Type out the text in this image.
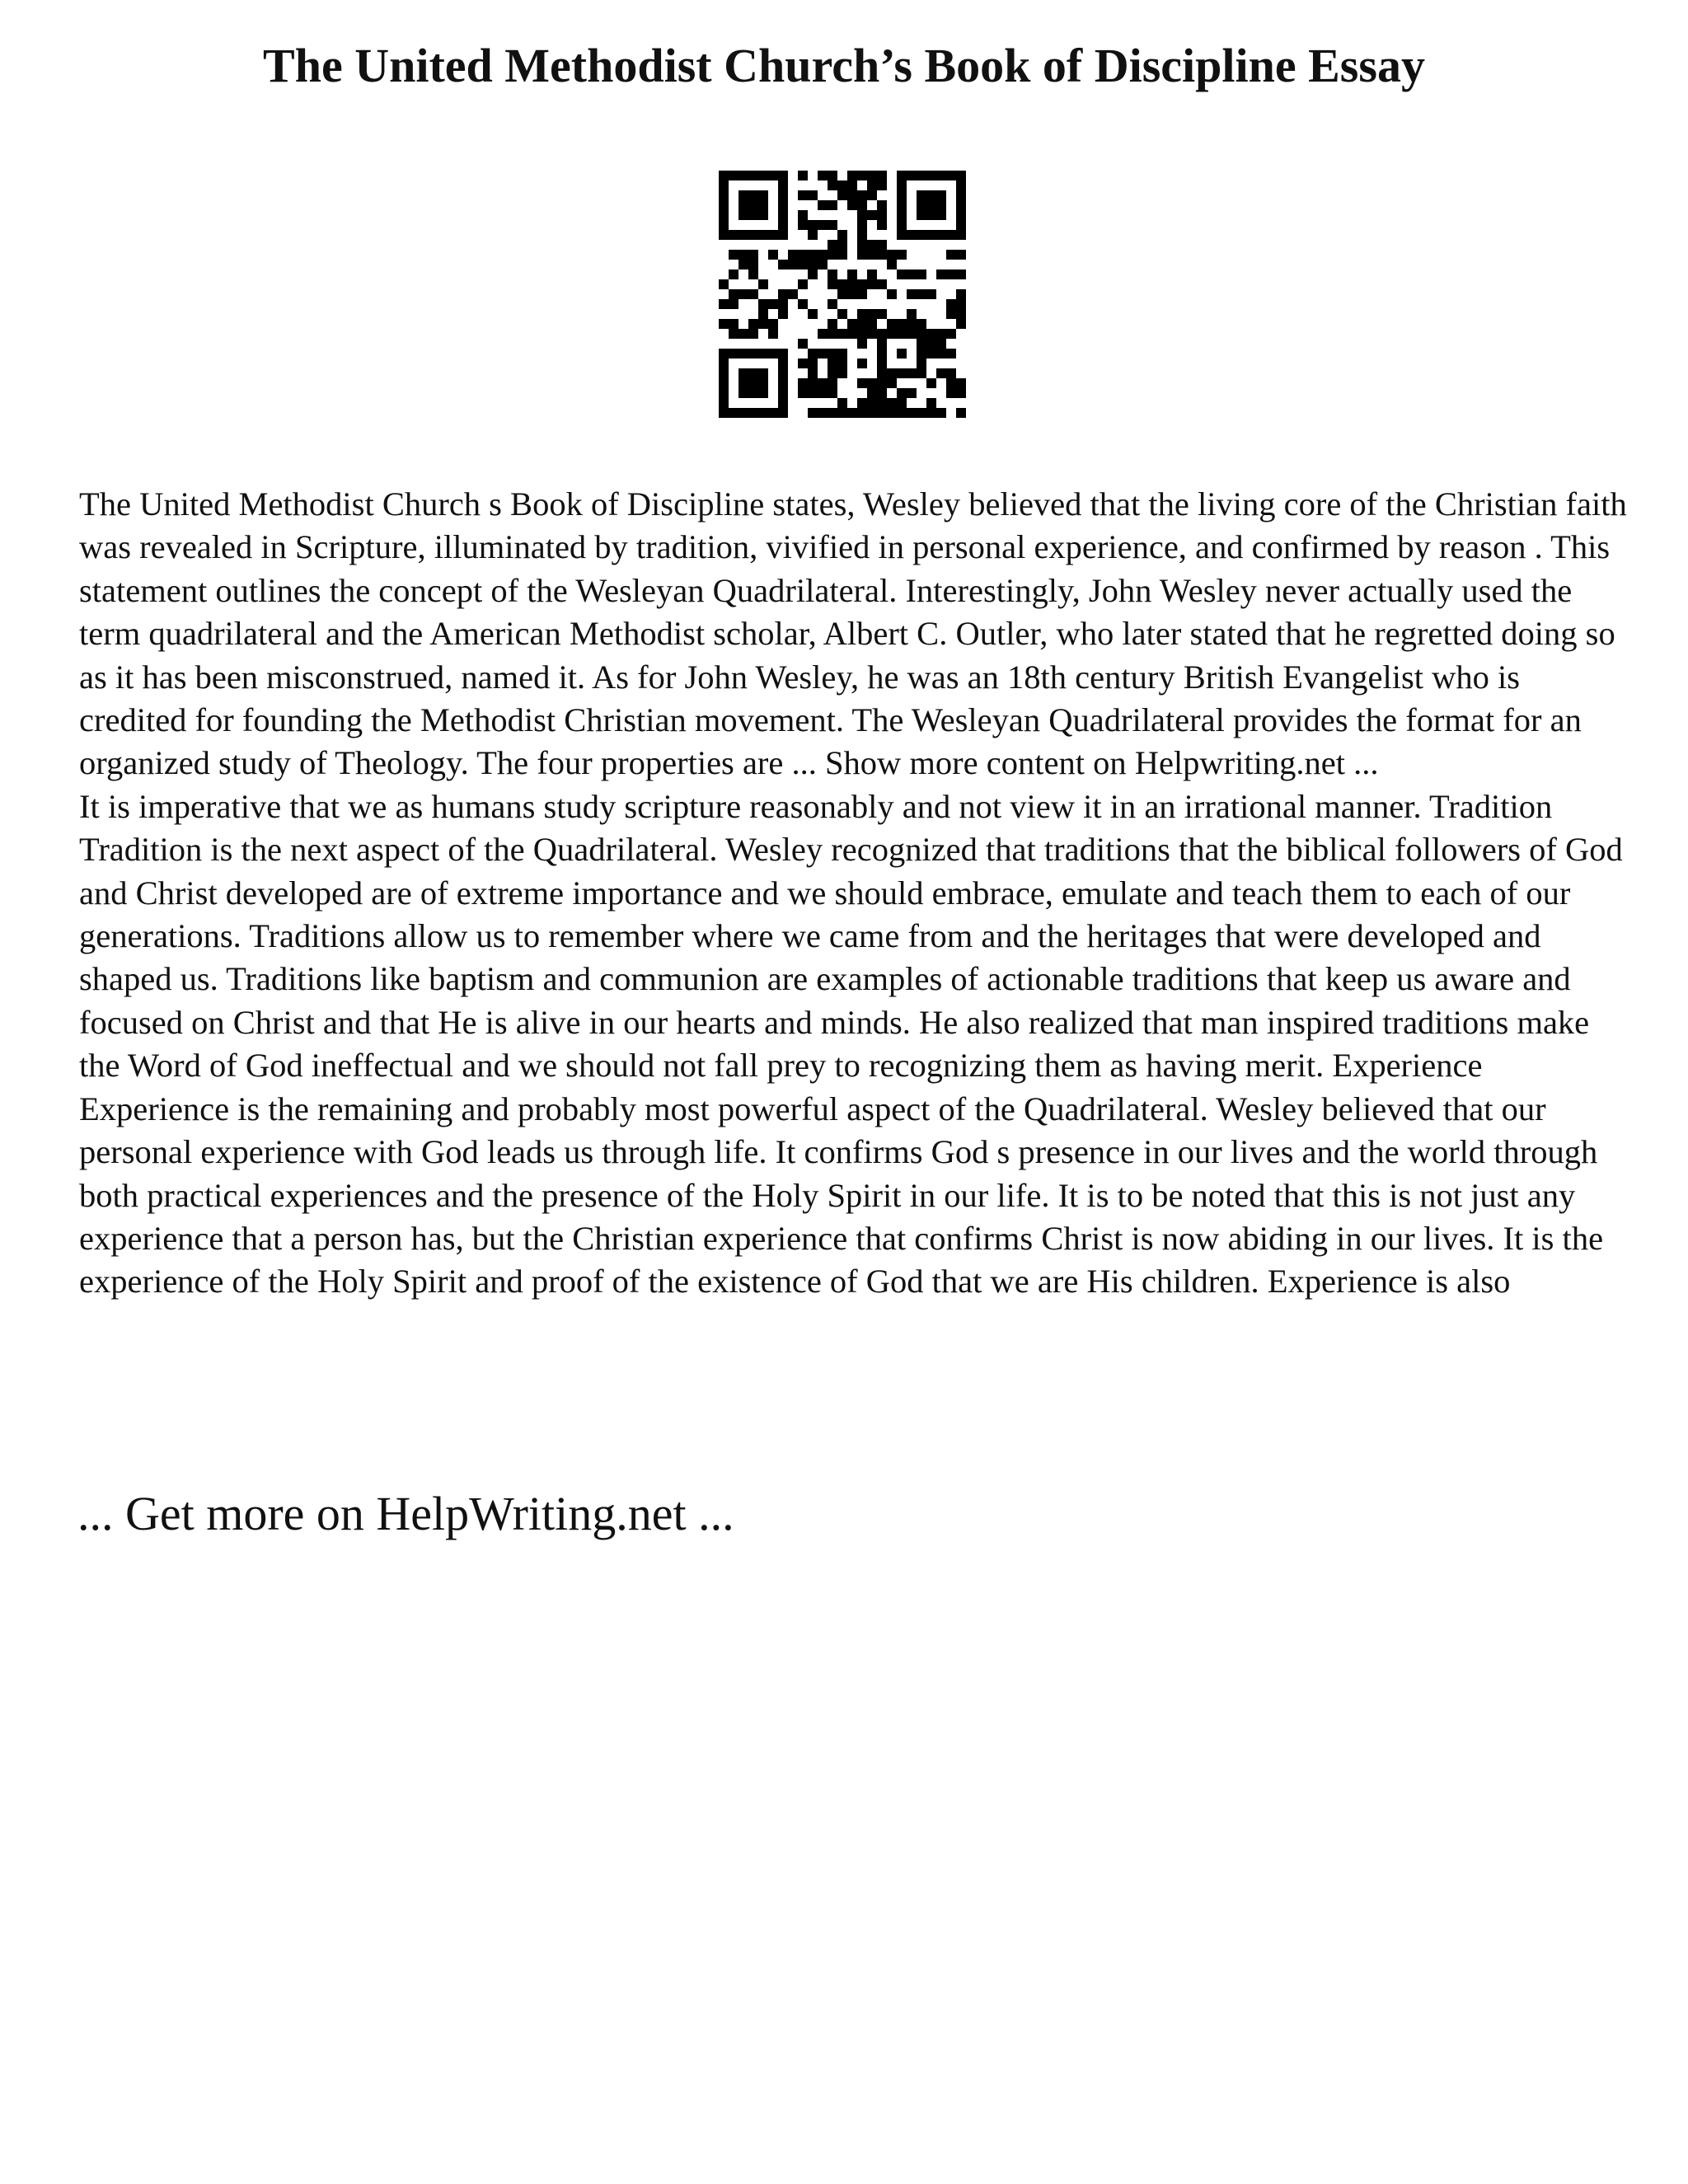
The United Methodist Church’s Book of Discipline Essay

The United Methodist Church s Book of Discipline states, Wesley believed that the living core of the Christian faith was revealed in Scripture, illuminated by tradition, vivified in personal experience, and confirmed by reason . This statement outlines the concept of the Wesleyan Quadrilateral. Interestingly, John Wesley never actually used the term quadrilateral and the American Methodist scholar, Albert C. Outler, who later stated that he regretted doing so as it has been misconstrued, named it. As for John Wesley, he was an 18th century British Evangelist who is credited for founding the Methodist Christian movement. The Wesleyan Quadrilateral provides the format for an organized study of Theology. The four properties are ... Show more content on Helpwriting.net ...

It is imperative that we as humans study scripture reasonably and not view it in an irrational manner. Tradition Tradition is the next aspect of the Quadrilateral. Wesley recognized that traditions that the biblical followers of God and Christ developed are of extreme importance and we should embrace, emulate and teach them to each of our generations. Traditions allow us to remember where we came from and the heritages that were developed and shaped us. Traditions like baptism and communion are examples of actionable traditions that keep us aware and focused on Christ and that He is alive in our hearts and minds. He also realized that man inspired traditions make the Word of God ineffectual and we should not fall prey to recognizing them as having merit. Experience Experience is the remaining and probably most powerful aspect of the Quadrilateral. Wesley believed that our personal experience with God leads us through life. It confirms God s presence in our lives and the world through both practical experiences and the presence of the Holy Spirit in our life. It is to be noted that this is not just any experience that a person has, but the Christian experience that confirms Christ is now abiding in our lives. It is the experience of the Holy Spirit and proof of the existence of God that we are His children. Experience is also

... Get more on HelpWriting.net ...
